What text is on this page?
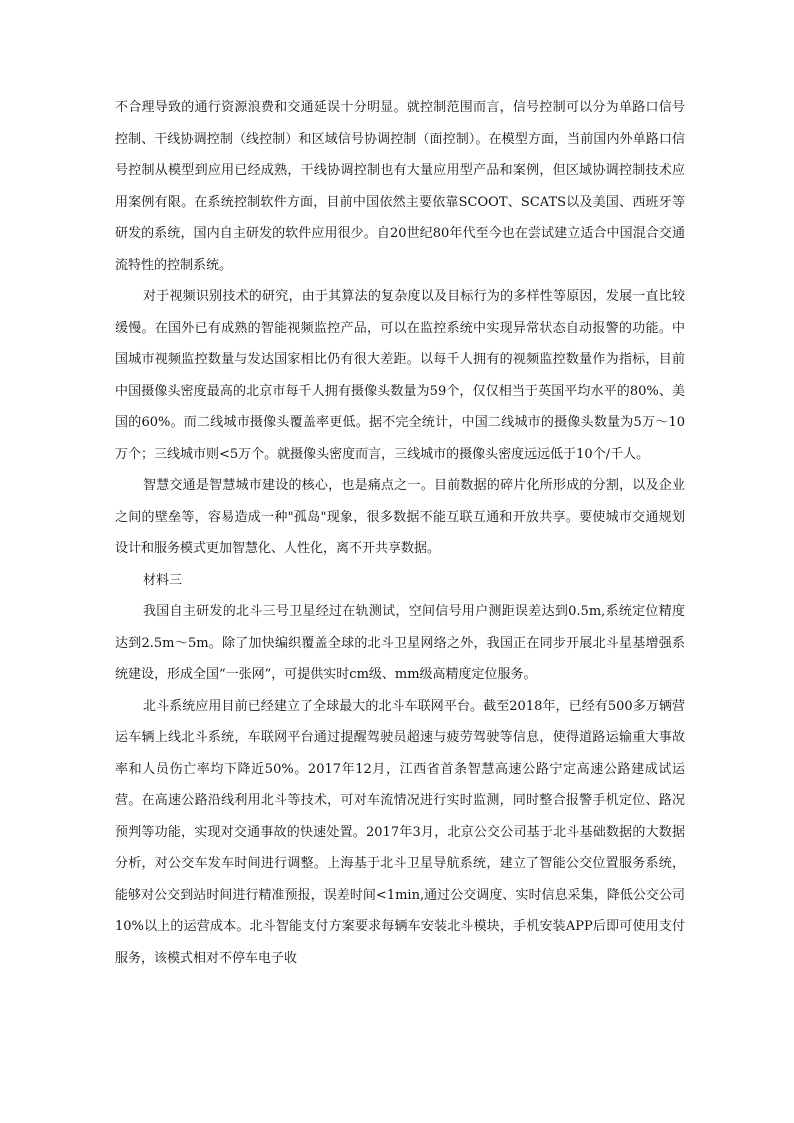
不合理导致的通行资源浪费和交通延误十分明显。就控制范围而言，信号控制可以分为单路口信号控制、干线协调控制（线控制）和区域信号协调控制（面控制）。在模型方面，当前国内外单路口信号控制从模型到应用已经成熟，干线协调控制也有大量应用型产品和案例，但区域协调控制技术应用案例有限。在系统控制软件方面，目前中国依然主要依靠SCOOT、SCATS以及美国、西班牙等研发的系统，国内自主研发的软件应用很少。自20世纪80年代至今也在尝试建立适合中国混合交通流特性的控制系统。

对于视频识别技术的研究，由于其算法的复杂度以及目标行为的多样性等原因，发展一直比较缓慢。在国外已有成熟的智能视频监控产品，可以在监控系统中实现异常状态自动报警的功能。中国城市视频监控数量与发达国家相比仍有很大差距。以每千人拥有的视频监控数量作为指标，目前中国摄像头密度最高的北京市每千人拥有摄像头数量为59个，仅仅相当于英国平均水平的80%、美国的60%。而二线城市摄像头覆盖率更低。据不完全统计，中国二线城市的摄像头数量为5万～10万个；三线城市则<5万个。就摄像头密度而言，三线城市的摄像头密度远远低于10个/千人。

智慧交通是智慧城市建设的核心，也是痛点之一。目前数据的碎片化所形成的分割，以及企业之间的壁垒等，容易造成一种"孤岛"现象，很多数据不能互联互通和开放共享。要使城市交通规划设计和服务模式更加智慧化、人性化，离不开共享数据。

材料三

我国自主研发的北斗三号卫星经过在轨测试，空间信号用户测距误差达到0.5m,系统定位精度达到2.5m～5m。除了加快编织覆盖全球的北斗卫星网络之外，我国正在同步开展北斗星基增强系统建设，形成全国“一张网”，可提供实时cm级、mm级高精度定位服务。

北斗系统应用目前已经建立了全球最大的北斗车联网平台。截至2018年，已经有500多万辆营运车辆上线北斗系统，车联网平台通过提醒驾驶员超速与疲劳驾驶等信息，使得道路运输重大事故率和人员伤亡率均下降近50%。2017年12月，江西省首条智慧高速公路宁定高速公路建成试运营。在高速公路沿线利用北斗等技术，可对车流情况进行实时监测，同时整合报警手机定位、路况预判等功能，实现对交通事故的快速处置。2017年3月，北京公交公司基于北斗基础数据的大数据分析，对公交车发车时间进行调整。上海基于北斗卫星导航系统，建立了智能公交位置服务系统，能够对公交到站时间进行精准预报，误差时间<1min,通过公交调度、实时信息采集，降低公交公司10%以上的运营成本。北斗智能支付方案要求每辆车安装北斗模块，手机安装APP后即可使用支付服务，该模式相对不停车电子收
